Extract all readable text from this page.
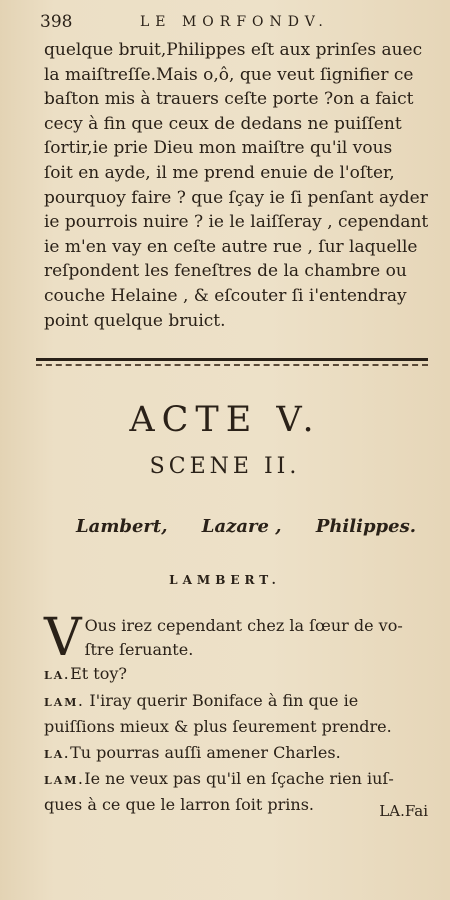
398	LE MORFONDV.
quelque bruit,Philippes eſt aux prinſes auec
la maiſtreſſe.Mais o,ô, que veut ſignifier ce
baſton mis à trauers ceſte porte ?on a faict
cecy à fin que ceux de dedans ne puiſſent
ſortir,ie prie Dieu mon maiſtre qu'il vous
ſoit en ayde, il me prend enuie de l'oſter,
pourquoy faire ? que ſçay ie ſi penſant ayder
ie pourrois nuire ? ie le laiſſeray , cependant
ie m'en vay en ceſte autre rue , ſur laquelle
reſpondent les feneſtres de la chambre ou
couche Helaine , & eſcouter ſi i'entendray
point quelque bruict.
ACTE V.
SCENE II.
Lambert, Lazare , Philippes.
LAMBERT.
V Ous irez cependant chez la ſœur de vo-
ſtre ſeruante.
LA.Et toy?
LAM. I'iray querir Boniface à fin que ie
puiſſions mieux & plus ſeurement prendre.
LA.Tu pourras auſſi amener Charles.
LAM.Ie ne veux pas qu'il en ſçache rien iuſ-
ques à ce que le larron ſoit prins.	LA.Fai
